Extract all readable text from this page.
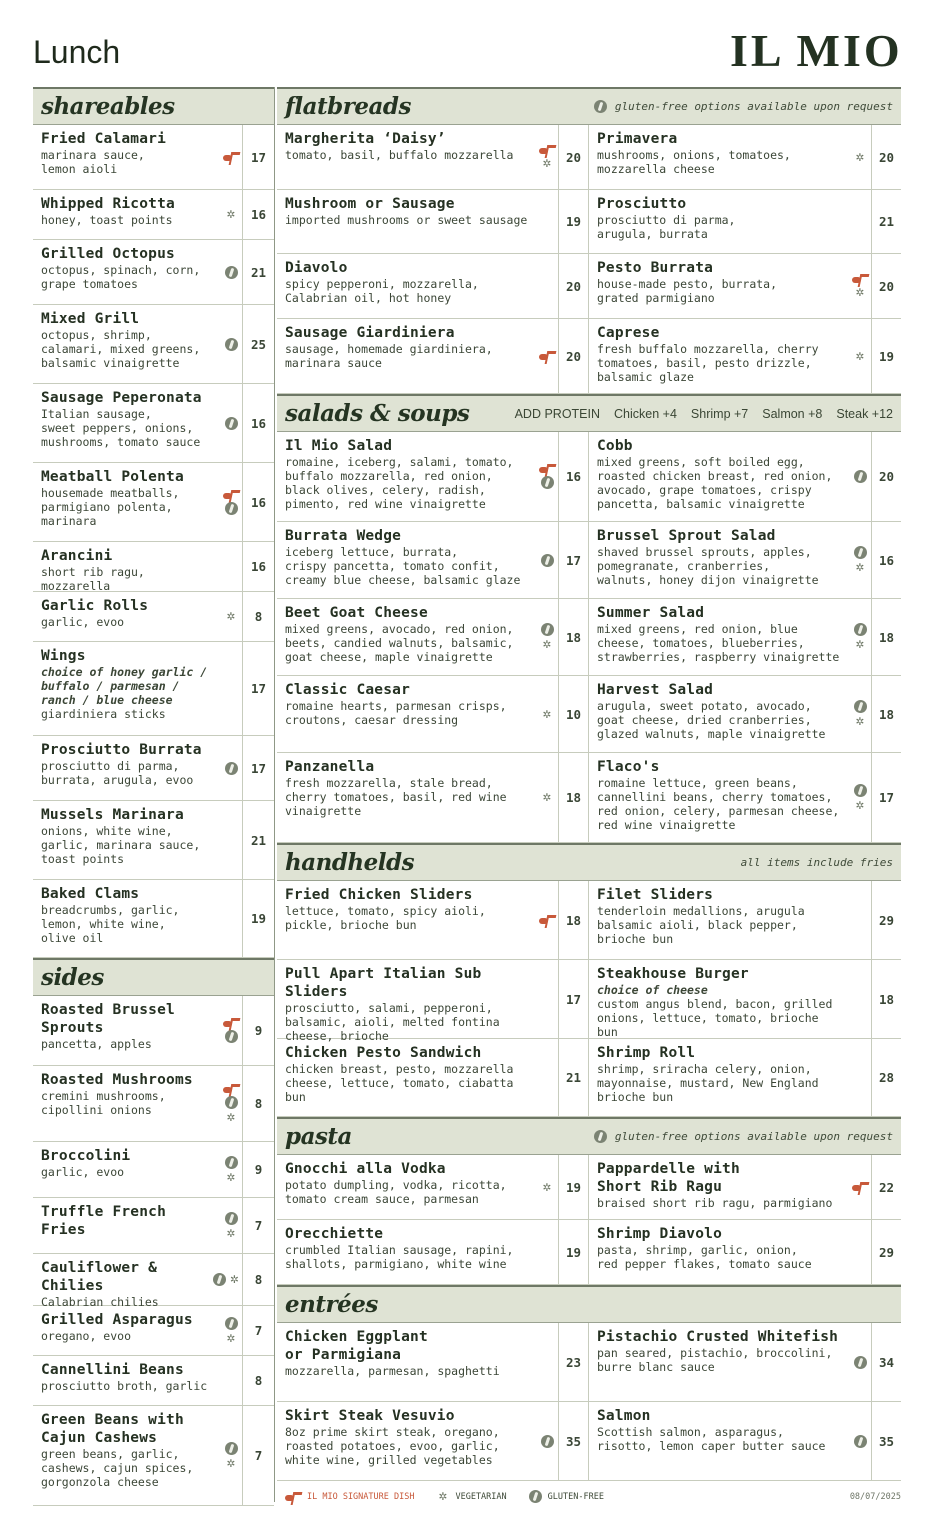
Lunch	IL MIO
shareables
Fried Calamari
marinara sauce,
lemon aioli
17
Whipped Ricotta
honey, toast points	✲	16
Grilled Octopus
octopus, spinach, corn,
grape tomatoes
21
Mixed Grill
octopus, shrimp,
calamari, mixed greens,
balsamic vinaigrette
25
Sausage Peperonata
Italian sausage,
sweet peppers, onions,
mushrooms, tomato sauce
16
Meatball Polenta
housemade meatballs,
parmigiano polenta,
marinara
16
Arancini
short rib ragu, mozzarella
16
Garlic Rolls
garlic, evoo	✲	8
Wings
choice of honey garlic /
buffalo / parmesan /
ranch / blue cheese
giardiniera sticks
17
Prosciutto Burrata
prosciutto di parma,
burrata, arugula, evoo
17
Mussels Marinara
onions, white wine,
garlic, marinara sauce,
toast points
21
Baked Clams
breadcrumbs, garlic,
lemon, white wine,
olive oil
19
sides
Roasted Brussel
Sprouts
pancetta, apples
9
Roasted Mushrooms
cremini mushrooms,
cipollini onions	✲
8
Broccolini
garlic, evoo	✲	9
Truffle French
Fries	✲	7
Cauliflower & Chilies
Calabrian chilies
✲	8
Grilled Asparagus
oregano, evoo	✲	7
Cannellini Beans
prosciutto broth, garlic	8
Green Beans with
Cajun Cashews
green beans, garlic,
cashews, cajun spices,
gorgonzola cheese
✲	7
flatbreads	gluten-free options available upon request
Margherita ‘Daisy’
tomato, basil, buffalo mozzarella	✲	20
Mushroom or Sausage
imported mushrooms or sweet sausage	19
Diavolo
spicy pepperoni, mozzarella,
Calabrian oil, hot honey
20
Sausage Giardiniera
sausage, homemade giardiniera,
marinara sauce	20
Primavera
mushrooms, onions, tomatoes,
mozzarella cheese
✲	20
Prosciutto
prosciutto di parma,
arugula, burrata
21
Pesto Burrata
house-made pesto, burrata,
grated parmigiano	✲	20
Caprese
fresh buffalo mozzarella, cherry
tomatoes, basil, pesto drizzle,
balsamic glaze
✲	19
salads & soups	ADD PROTEIN Chicken +4 Shrimp +7 Salmon +8 Steak +12
Il Mio Salad
romaine, iceberg, salami, tomato,
buffalo mozzarella, red onion,
black olives, celery, radish,
pimento, red wine vinaigrette
16
Burrata Wedge
iceberg lettuce, burrata,
crispy pancetta, tomato confit,
creamy blue cheese, balsamic glaze
17
Beet Goat Cheese
mixed greens, avocado, red onion,
beets, candied walnuts, balsamic,
goat cheese, maple vinaigrette
✲	18
Classic Caesar
romaine hearts, parmesan crisps,
croutons, caesar dressing	✲	10
Panzanella
fresh mozzarella, stale bread,
cherry tomatoes, basil, red wine
vinaigrette
✲	18
Cobb
mixed greens, soft boiled egg,
roasted chicken breast, red onion,
avocado, grape tomatoes, crispy
pancetta, balsamic vinaigrette
20
Brussel Sprout Salad
shaved brussel sprouts, apples,
pomegranate, cranberries,
walnuts, honey dijon vinaigrette
✲	16
Summer Salad
mixed greens, red onion, blue
cheese, tomatoes, blueberries,
strawberries, raspberry vinaigrette
✲	18
Harvest Salad
arugula, sweet potato, avocado,
goat cheese, dried cranberries,
glazed walnuts, maple vinaigrette
✲	18
Flaco's
romaine lettuce, green beans,
cannellini beans, cherry tomatoes,
red onion, celery, parmesan cheese,
red wine vinaigrette
✲	17
handhelds	all items include fries
Fried Chicken Sliders
lettuce, tomato, spicy aioli,
pickle, brioche bun	18
Pull Apart Italian Sub Sliders
prosciutto, salami, pepperoni,
balsamic, aioli, melted fontina
cheese, brioche
17
Chicken Pesto Sandwich
chicken breast, pesto, mozzarella
cheese, lettuce, tomato, ciabatta
bun
21
Filet Sliders
tenderloin medallions, arugula
balsamic aioli, black pepper,
brioche bun
29
Steakhouse Burger
choice of cheese
custom angus blend, bacon, grilled
onions, lettuce, tomato, brioche bun
18
Shrimp Roll
shrimp, sriracha celery, onion,
mayonnaise, mustard, New England
brioche bun
28
pasta	gluten-free options available upon request
Gnocchi alla Vodka
potato dumpling, vodka, ricotta,
tomato cream sauce, parmesan
✲	19
Orecchiette
crumbled Italian sausage, rapini,
shallots, parmigiano, white wine
19
Pappardelle with
Short Rib Ragu
braised short rib ragu, parmigiano
22
Shrimp Diavolo
pasta, shrimp, garlic, onion,
red pepper flakes, tomato sauce
29
entrées
Chicken Eggplant
or Parmigiana
mozzarella, parmesan, spaghetti
23
Skirt Steak Vesuvio
8oz prime skirt steak, oregano,
roasted potatoes, evoo, garlic,
white wine, grilled vegetables
35
Pistachio Crusted Whitefish
pan seared, pistachio, broccolini,
burre blanc sauce	34
Salmon
Scottish salmon, asparagus,
risotto, lemon caper butter sauce	35
IL MIO SIGNATURE DISH ✲ VEGETARIAN	GLUTEN-FREE	08/07/2025
